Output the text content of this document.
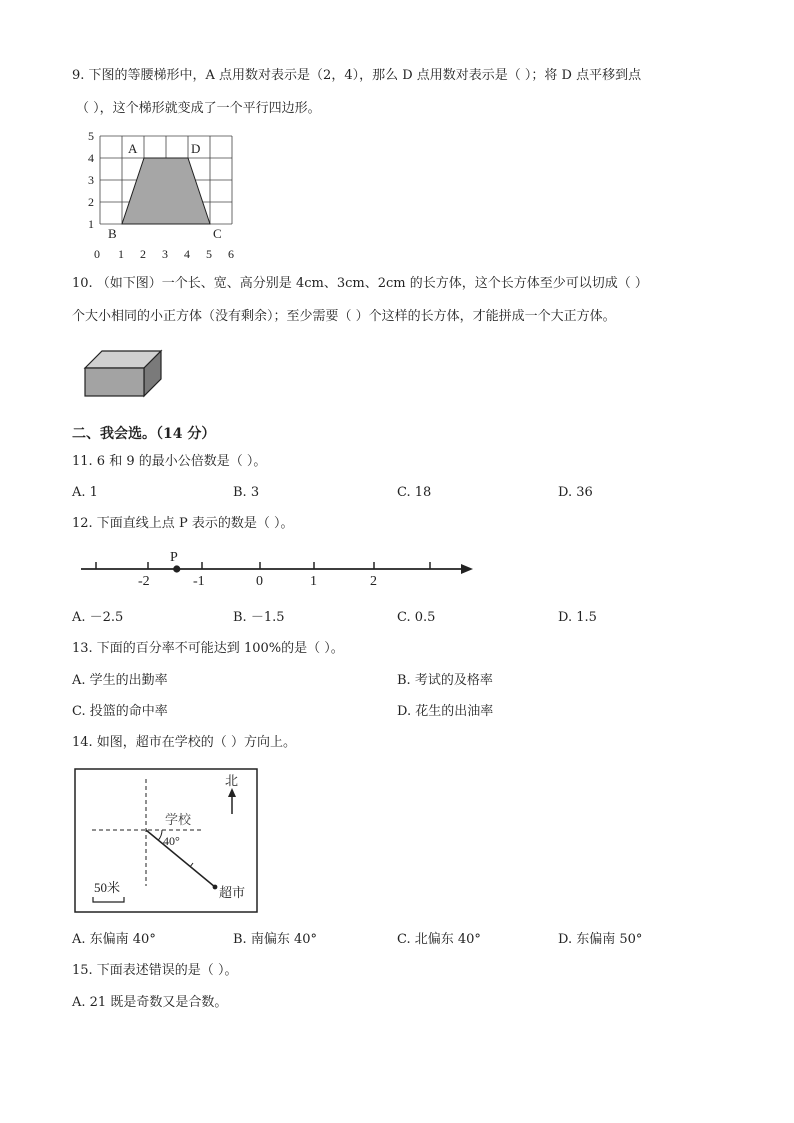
9. 下图的等腰梯形中，A 点用数对表示是（2，4），那么 D 点用数对表示是（ ）；将 D 点平移到点
（ ），这个梯形就变成了一个平行四边形。
5
4
3
2
1
0 1 2 3 4 5 6
A	D
B	C
10. （如下图）一个长、宽、高分别是 4cm、3cm、2cm 的长方体，这个长方体至少可以切成（ ）
个大小相同的小正方体（没有剩余）；至少需要（ ）个这样的长方体，才能拼成一个大正方体。
二、我会选。（14 分）
11. 6 和 9 的最小公倍数是（ ）。
A. 1	B. 3	C. 18	D. 36
12. 下面直线上点 P 表示的数是（ ）。
P
-2	-1	0	1	2
A. －2.5	B. －1.5	C. 0.5	D. 1.5
13. 下面的百分率不可能达到 100%的是（ ）。
A. 学生的出勤率	B. 考试的及格率
C. 投篮的命中率	D. 花生的出油率
14. 如图，超市在学校的（ ）方向上。
北
学校
40°
超市
50米
A. 东偏南 40°	B. 南偏东 40°	C. 北偏东 40°	D. 东偏南 50°
15. 下面表述错误的是（ ）。
A. 21 既是奇数又是合数。
